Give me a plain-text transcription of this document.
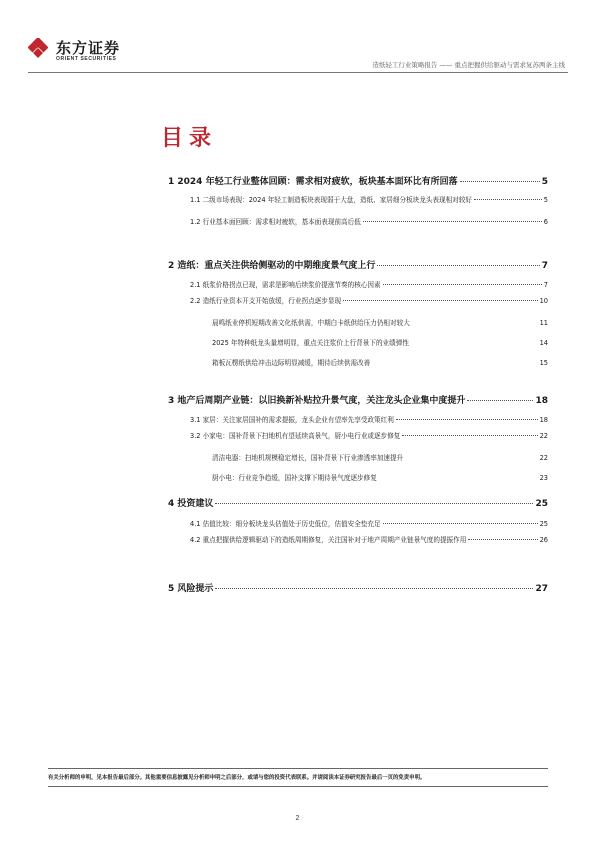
东方证券
ORIENT SECURITIES
造纸轻工行业策略报告 —— 重点把握供给驱动与需求复苏两条主线
目录
1 2024 年轻工行业整体回顾：需求相对疲软，板块基本面环比有所回落	5
1.1 二级市场表现：2024 年轻工制造板块表现弱于大盘，造纸、家居细分板块龙头表现相对较好	5
1.2 行业基本面回顾：需求相对疲软，基本面表现前高后低	6
2 造纸：重点关注供给侧驱动的中期维度景气度上行	7
2.1 纸浆价格拐点已现，需求是影响后续浆价提涨节奏的核心因素	7
2.2 造纸行业资本开支开始放缓，行业拐点逐步显现	10
晨鸣纸业停机短期改善文化纸供需，中期白卡纸供给压力仍相对较大	11
2025 年特种纸龙头量增明显，重点关注浆价上行背景下的业绩弹性	14
箱板瓦楞纸供给冲击边际明显减缓，期待后续供需改善	15
3 地产后周期产业链：以旧换新补贴拉升景气度，关注龙头企业集中度提升	18
3.1 家居：关注家居国补的需求提振，龙头企业有望率先享受政策红利	18
3.2 小家电：国补背景下扫地机有望延续高景气，厨小电行业或逐步修复	22
清洁电器：扫地机规模稳定增长，国补背景下行业渗透率加速提升	22
厨小电：行业竞争趋缓，国补支撑下期待景气度逐步修复	23
4 投资建议	25
4.1 估值比较：细分板块龙头估值处于历史低位，估值安全垫充足	25
4.2 重点把握供给逻辑驱动下的造纸周期修复，关注国补对于地产周期产业链景气度的提振作用	26
5 风险提示	27
有关分析师的申明，见本报告最后部分。其他重要信息披露见分析师申明之后部分，或请与您的投资代表联系。并请阅读本证券研究报告最后一页的免责申明。
2
